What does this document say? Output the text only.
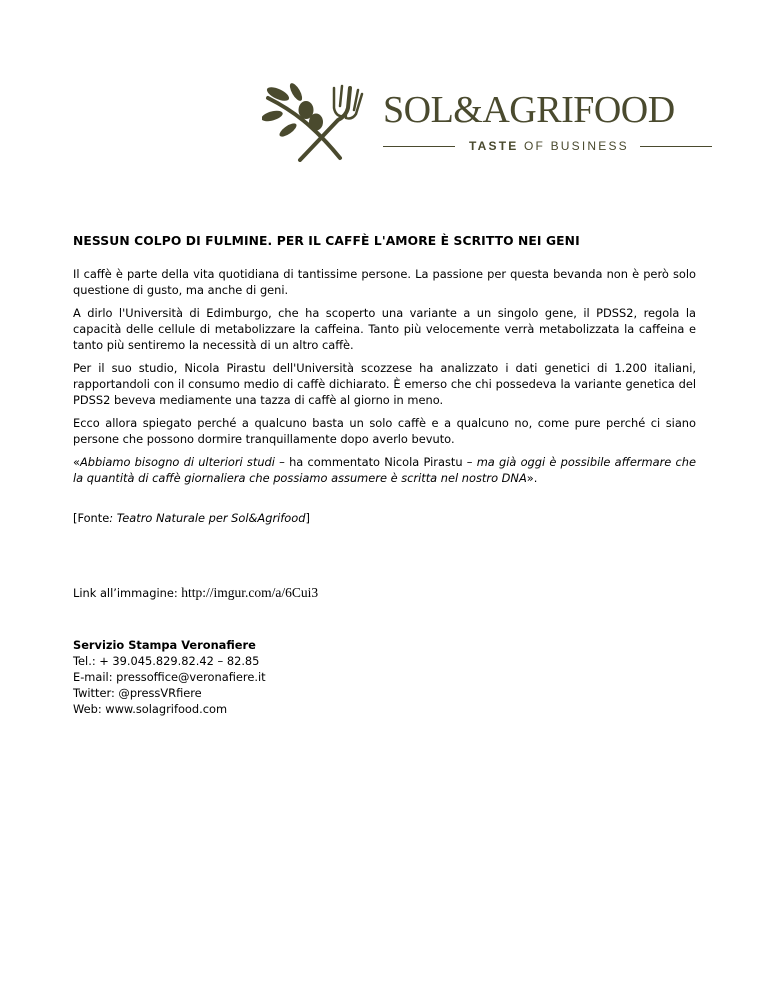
SOL&AGRIFOOD
TASTE OF BUSINESS
NESSUN COLPO DI FULMINE. PER IL CAFFÈ L'AMORE È SCRITTO NEI GENI

Il caffè è parte della vita quotidiana di tantissime persone. La passione per questa bevanda non è però solo questione di gusto, ma anche di geni.

A dirlo l'Università di Edimburgo, che ha scoperto una variante a un singolo gene, il PDSS2, regola la capacità delle cellule di metabolizzare la caffeina. Tanto più velocemente verrà metabolizzata la caffeina e tanto più sentiremo la necessità di un altro caffè.

Per il suo studio, Nicola Pirastu dell'Università scozzese ha analizzato i dati genetici di 1.200 italiani, rapportandoli con il consumo medio di caffè dichiarato. È emerso che chi possedeva la variante genetica del PDSS2 beveva mediamente una tazza di caffè al giorno in meno.

Ecco allora spiegato perché a qualcuno basta un solo caffè e a qualcuno no, come pure perché ci siano persone che possono dormire tranquillamente dopo averlo bevuto.

«Abbiamo bisogno di ulteriori studi – ha commentato Nicola Pirastu – ma già oggi è possibile affermare che la quantità di caffè giornaliera che possiamo assumere è scritta nel nostro DNA».

[Fonte: Teatro Naturale per Sol&Agrifood]
Link all’immagine: http://imgur.com/a/6Cui3
Servizio Stampa Veronafiere
Tel.: + 39.045.829.82.42 – 82.85
E-mail: pressoffice@veronafiere.it
Twitter: @pressVRfiere
Web: www.solagrifood.com
